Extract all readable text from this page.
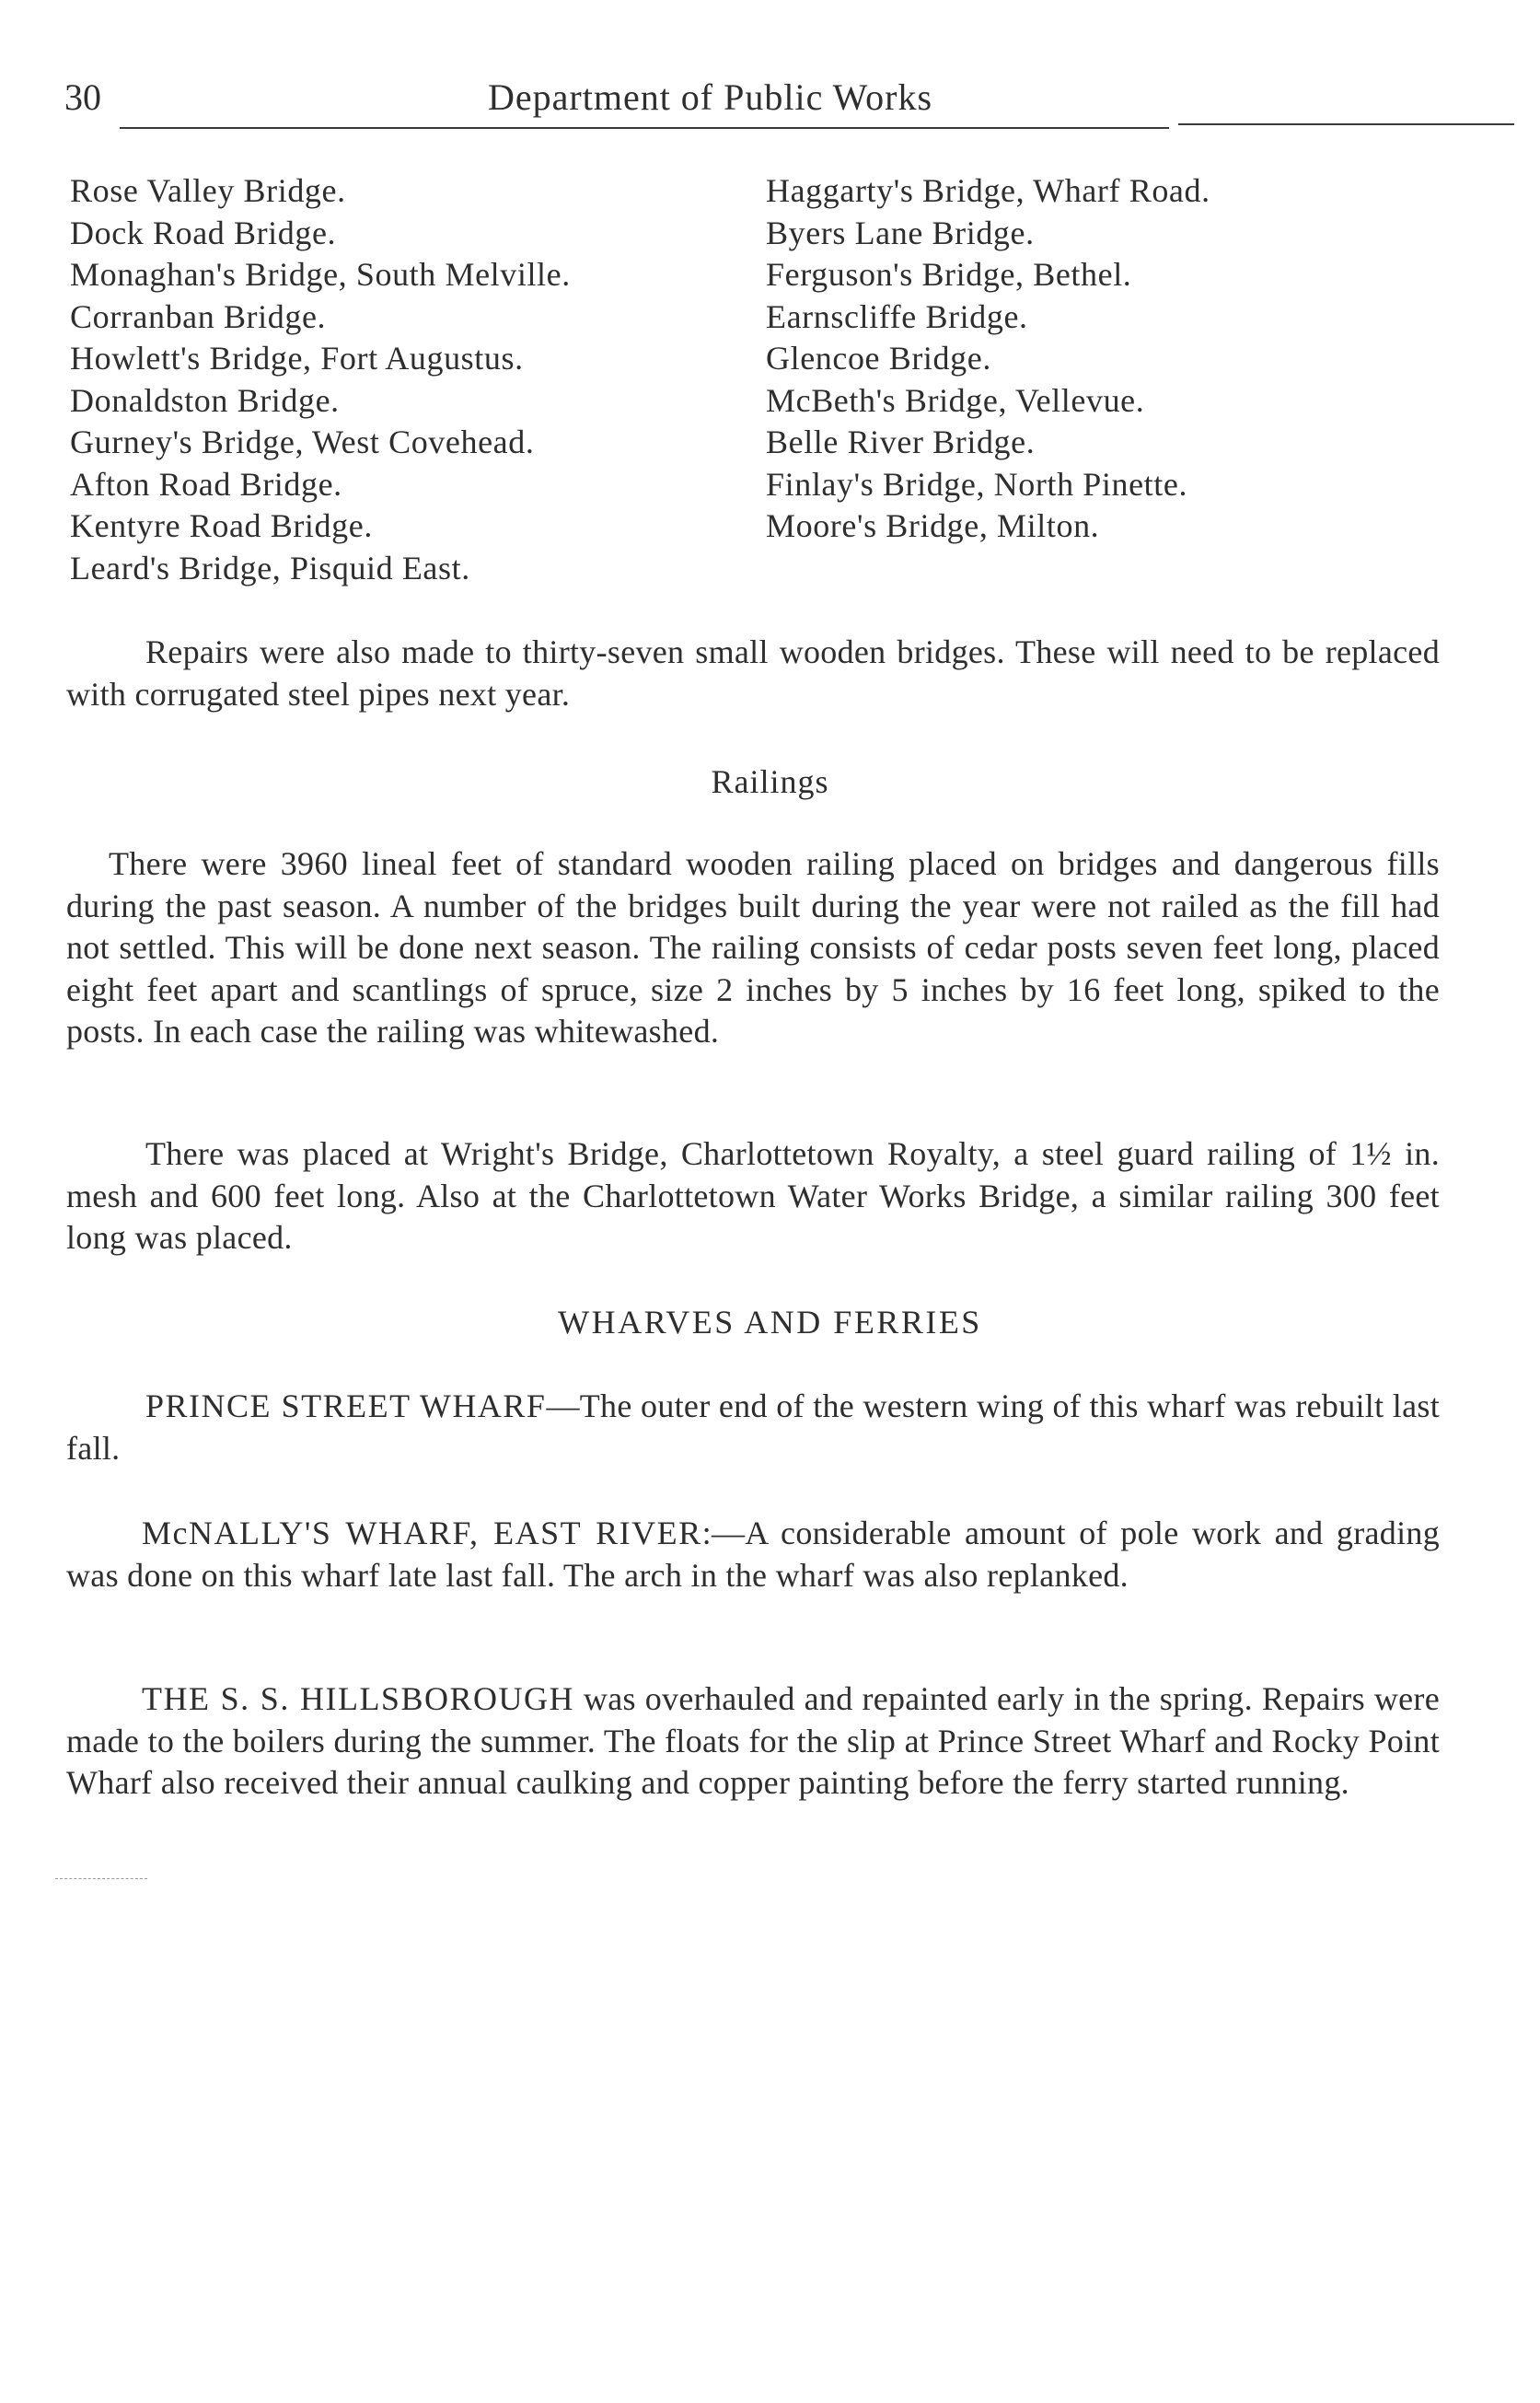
30	Department of Public Works
Rose Valley Bridge.
Dock Road Bridge.
Monaghan's Bridge, South Melville.
Corranban Bridge.
Howlett's Bridge, Fort Augustus.
Donaldston Bridge.
Gurney's Bridge, West Covehead.
Afton Road Bridge.
Kentyre Road Bridge.
Leard's Bridge, Pisquid East.
Haggarty's Bridge, Wharf Road.
Byers Lane Bridge.
Ferguson's Bridge, Bethel.
Earnscliffe Bridge.
Glencoe Bridge.
McBeth's Bridge, Vellevue.
Belle River Bridge.
Finlay's Bridge, North Pinette.
Moore's Bridge, Milton.

Repairs were also made to thirty-seven small wooden bridges. These will need to be replaced with corrugated steel pipes next year.

Railings

There were 3960 lineal feet of standard wooden railing placed on bridges and dangerous fills during the past season. A number of the bridges built during the year were not railed as the fill had not settled. This will be done next season. The railing consists of cedar posts seven feet long, placed eight feet apart and scantlings of spruce, size 2 inches by 5 inches by 16 feet long, spiked to the posts. In each case the railing was whitewashed.

There was placed at Wright's Bridge, Charlottetown Royalty, a steel guard railing of 1½ in. mesh and 600 feet long. Also at the Charlottetown Water Works Bridge, a similar railing 300 feet long was placed.

WHARVES AND FERRIES

PRINCE STREET WHARF—The outer end of the western wing of this wharf was rebuilt last fall.

McNALLY'S WHARF, EAST RIVER:—A considerable amount of pole work and grading was done on this wharf late last fall. The arch in the wharf was also replanked.

THE S. S. HILLSBOROUGH was overhauled and repainted early in the spring. Repairs were made to the boilers during the summer. The floats for the slip at Prince Street Wharf and Rocky Point Wharf also received their annual caulking and copper painting before the ferry started running.
